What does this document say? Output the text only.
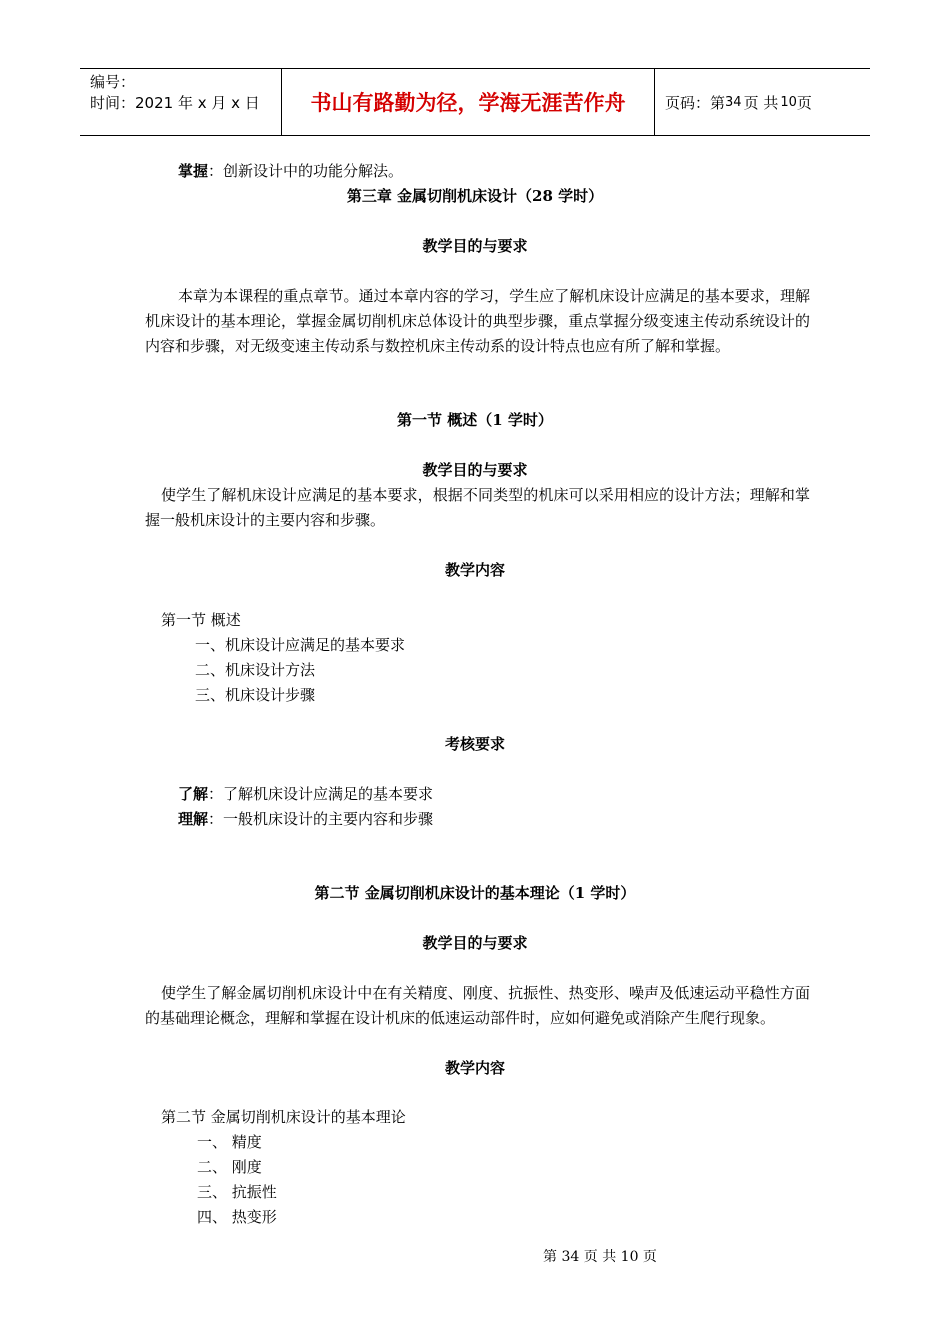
编号：
时间：2021 年 x 月 x 日	书山有路勤为径，学海无涯苦作舟	页码：第 34 页 共 10 页
掌握：创新设计中的功能分解法。
第三章 金属切削机床设计（28 学时）
教学目的与要求
本章为本课程的重点章节。通过本章内容的学习，学生应了解机床设计应满足的基本要求，理解机床设计的基本理论，掌握金属切削机床总体设计的典型步骤，重点掌握分级变速主传动系统设计的内容和步骤，对无级变速主传动系与数控机床主传动系的设计特点也应有所了解和掌握。
第一节 概述（1 学时）
教学目的与要求
使学生了解机床设计应满足的基本要求，根据不同类型的机床可以采用相应的设计方法；理解和掌握一般机床设计的主要内容和步骤。
教学内容
第一节 概述
一、机床设计应满足的基本要求
二、机床设计方法
三、机床设计步骤
考核要求
了解：了解机床设计应满足的基本要求
理解：一般机床设计的主要内容和步骤
第二节 金属切削机床设计的基本理论（1 学时）
教学目的与要求
使学生了解金属切削机床设计中在有关精度、刚度、抗振性、热变形、噪声及低速运动平稳性方面的基础理论概念，理解和掌握在设计机床的低速运动部件时，应如何避免或消除产生爬行现象。
教学内容
第二节 金属切削机床设计的基本理论
一、 精度
二、 刚度
三、 抗振性
四、 热变形
第 34 页 共 10 页
